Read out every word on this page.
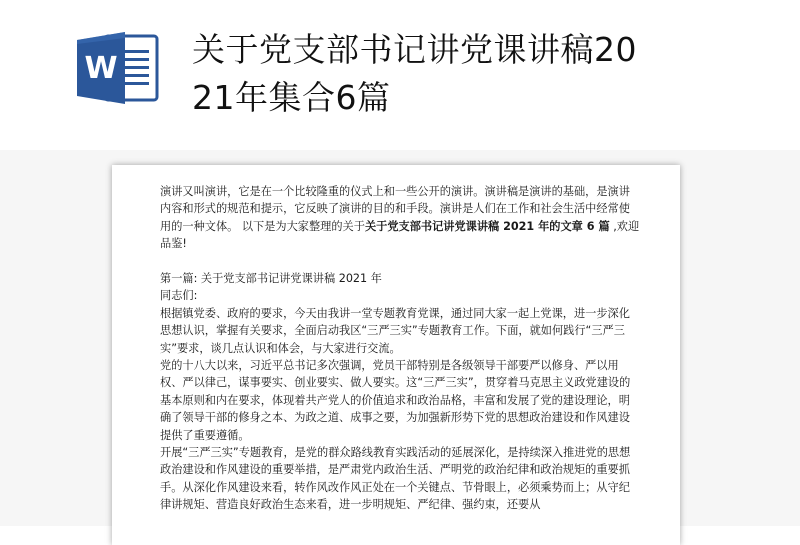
W 关于党支部书记讲党课讲稿20
21年集合6篇

演讲又叫演讲，它是在一个比较隆重的仪式上和一些公开的演讲。演讲稿是演讲的基础，是演讲内容和形式的规范和提示，它反映了演讲的目的和手段。演讲是人们在工作和社会生活中经常使用的一种文体。 以下是为大家整理的关于关于党支部书记讲党课讲稿 2021 年的文章 6 篇 ,欢迎品鉴!

第一篇: 关于党支部书记讲党课讲稿 2021 年

同志们:

根据镇党委、政府的要求，今天由我讲一堂专题教育党课，通过同大家一起上党课，进一步深化思想认识，掌握有关要求，全面启动我区“三严三实”专题教育工作。下面，就如何践行“三严三实”要求，谈几点认识和体会，与大家进行交流。

党的十八大以来，习近平总书记多次强调，党员干部特别是各级领导干部要严以修身、严以用权、严以律己，谋事要实、创业要实、做人要实。这“三严三实”，贯穿着马克思主义政党建设的基本原则和内在要求，体现着共产党人的价值追求和政治品格，丰富和发展了党的建设理论，明确了领导干部的修身之本、为政之道、成事之要，为加强新形势下党的思想政治建设和作风建设提供了重要遵循。

开展“三严三实”专题教育，是党的群众路线教育实践活动的延展深化，是持续深入推进党的思想政治建设和作风建设的重要举措，是严肃党内政治生活、严明党的政治纪律和政治规矩的重要抓手。从深化作风建设来看，转作风改作风正处在一个关键点、节骨眼上，必须乘势而上；从守纪律讲规矩、营造良好政治生态来看，进一步明规矩、严纪律、强约束，还要从
